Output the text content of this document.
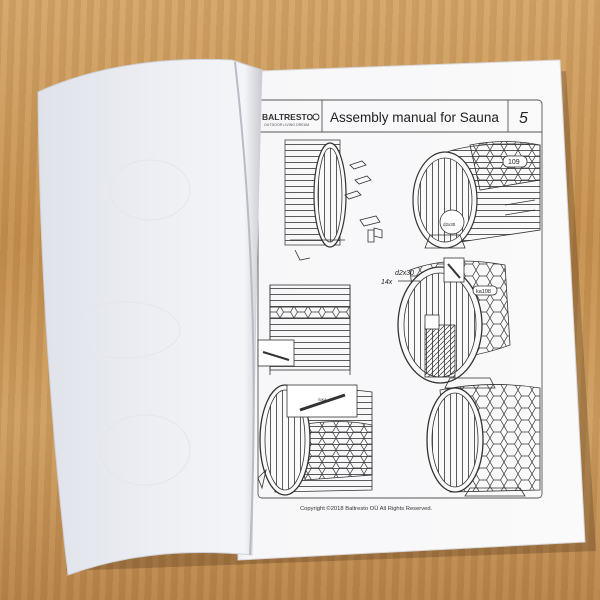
BALTRESTO
OUTDOOR LIVING DREAM Assembly manual for Sauna 5
109
d2x30
d2x30
14x
ka108
SIKA
Copyright ©2018 Baltresto OÜ All Rights Reserved.
